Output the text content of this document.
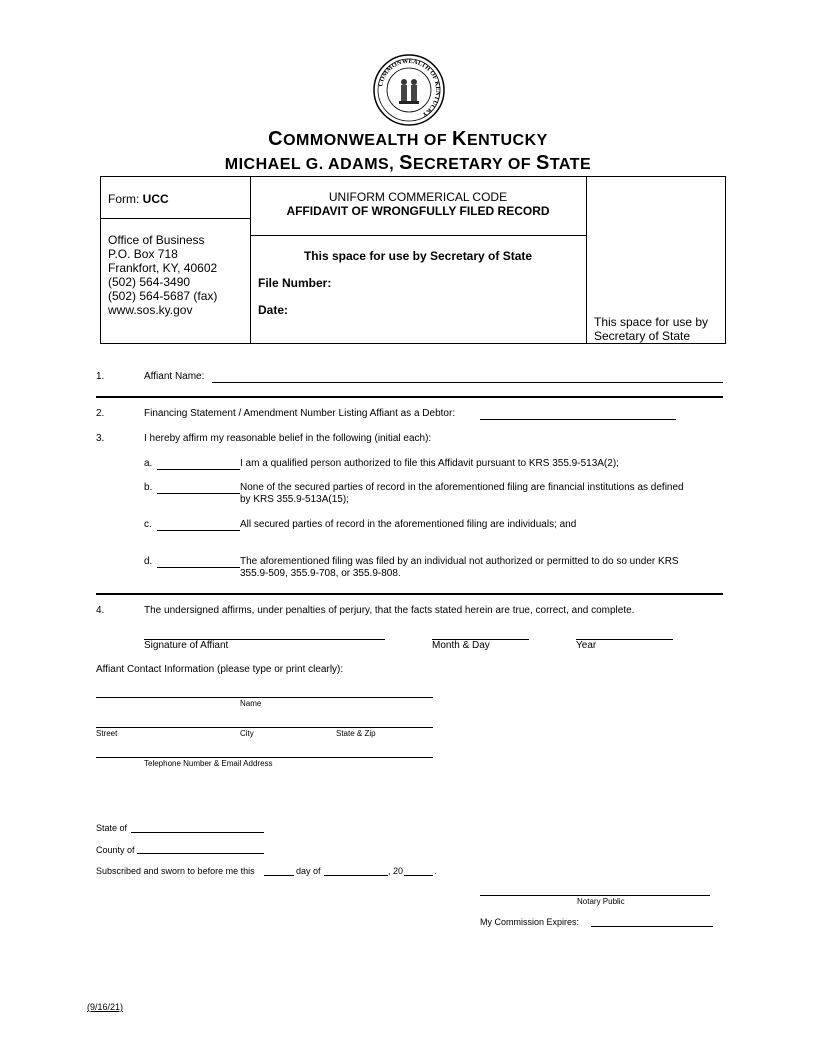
COMMONWEALTH OF KENTUCKY
COMMONWEALTH OF KENTUCKY
MICHAEL G. ADAMS, SECRETARY OF STATE
Form: UCC	UNIFORM COMMERICAL CODE
AFFIDAVIT OF WRONGFULLY FILED RECORD
Office of Business
P.O. Box 718
Frankfort, KY, 40602
(502) 564-3490
(502) 564-5687 (fax)
www.sos.ky.gov
This space for use by Secretary of State
File Number:
Date:
This space for use by
Secretary of State
1.	Affiant Name:
2.	Financing Statement / Amendment Number Listing Affiant as a Debtor:
3.	I hereby affirm my reasonable belief in the following (initial each):
a.	I am a qualified person authorized to file this Affidavit pursuant to KRS 355.9-513A(2);
b.	None of the secured parties of record in the aforementioned filing are financial institutions as defined
by KRS 355.9-513A(15);
c.	All secured parties of record in the aforementioned filing are individuals; and
d.	The aforementioned filing was filed by an individual not authorized or permitted to do so under KRS
355.9-509, 355.9-708, or 355.9-808.
4.	The undersigned affirms, under penalties of perjury, that the facts stated herein are true, correct, and complete.
Signature of Affiant	Month & Day	Year
Affiant Contact Information (please type or print clearly):
Name
Street	City	State & Zip
Telephone Number & Email Address
State of
County of
Subscribed and sworn to before me this	day of	, 20	.
Notary Public
My Commission Expires:
(9/16/21)
